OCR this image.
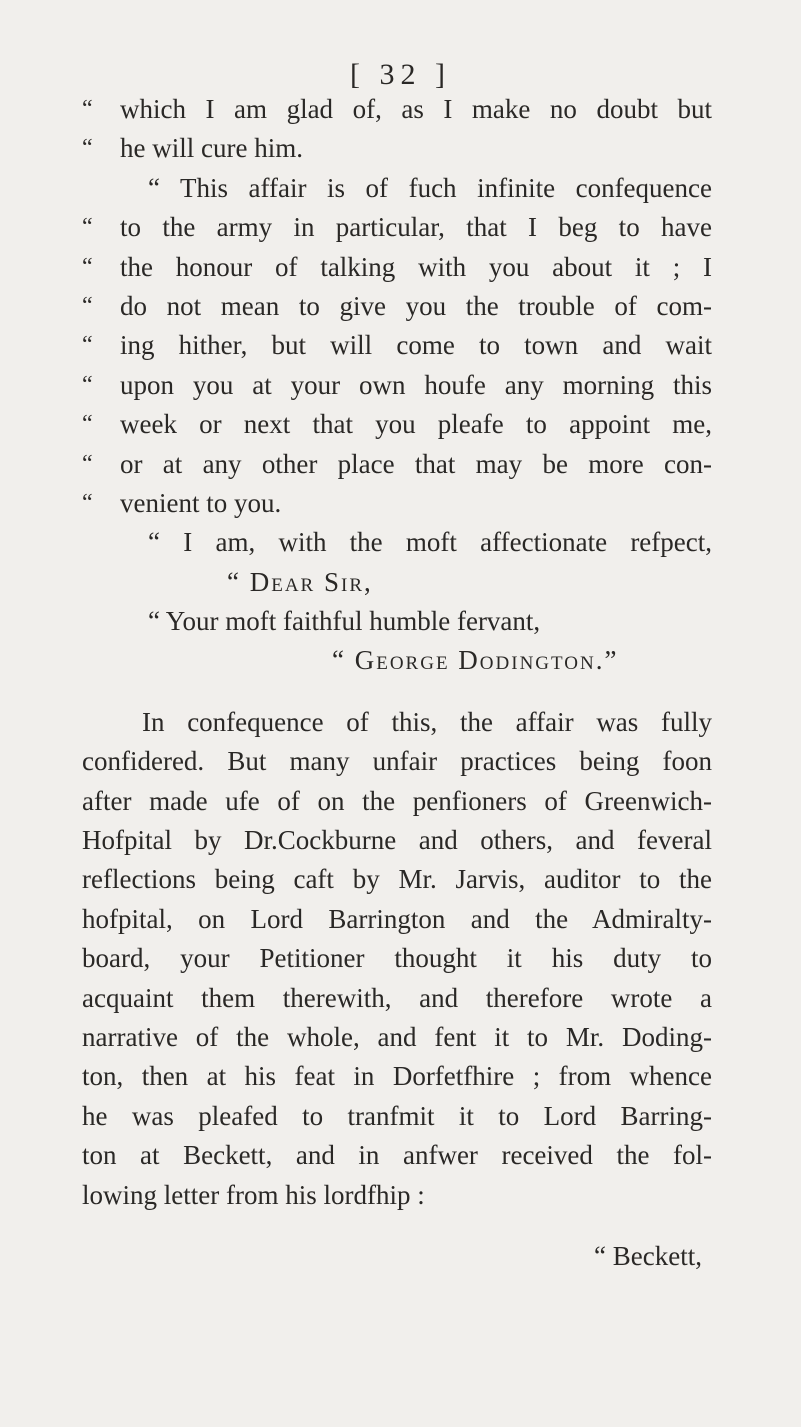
[ 32 ]
“ which I am glad of, as I make no doubt but
“ he will cure him.
“ This affair is of fuch infinite confequence
“ to the army in particular, that I beg to have
“ the honour of talking with you about it ; I
“ do not mean to give you the trouble of com-
“ ing hither, but will come to town and wait
“ upon you at your own houfe any morning this
“ week or next that you pleafe to appoint me,
“ or at any other place that may be more con-
“ venient to you.
“ I am, with the moft affectionate refpect,
“ Dear Sir,
“ Your moft faithful humble fervant,
“ George Dodington.”
In confequence of this, the affair was fully
confidered. But many unfair practices being foon
after made ufe of on the penfioners of Greenwich-
Hofpital by Dr.Cockburne and others, and feveral
reflections being caft by Mr. Jarvis, auditor to the
hofpital, on Lord Barrington and the Admiralty-
board, your Petitioner thought it his duty to
acquaint them therewith, and therefore wrote a
narrative of the whole, and fent it to Mr. Doding-
ton, then at his feat in Dorfetfhire ; from whence
he was pleafed to tranfmit it to Lord Barring-
ton at Beckett, and in anfwer received the fol-
lowing letter from his lordfhip :
“ Beckett,
